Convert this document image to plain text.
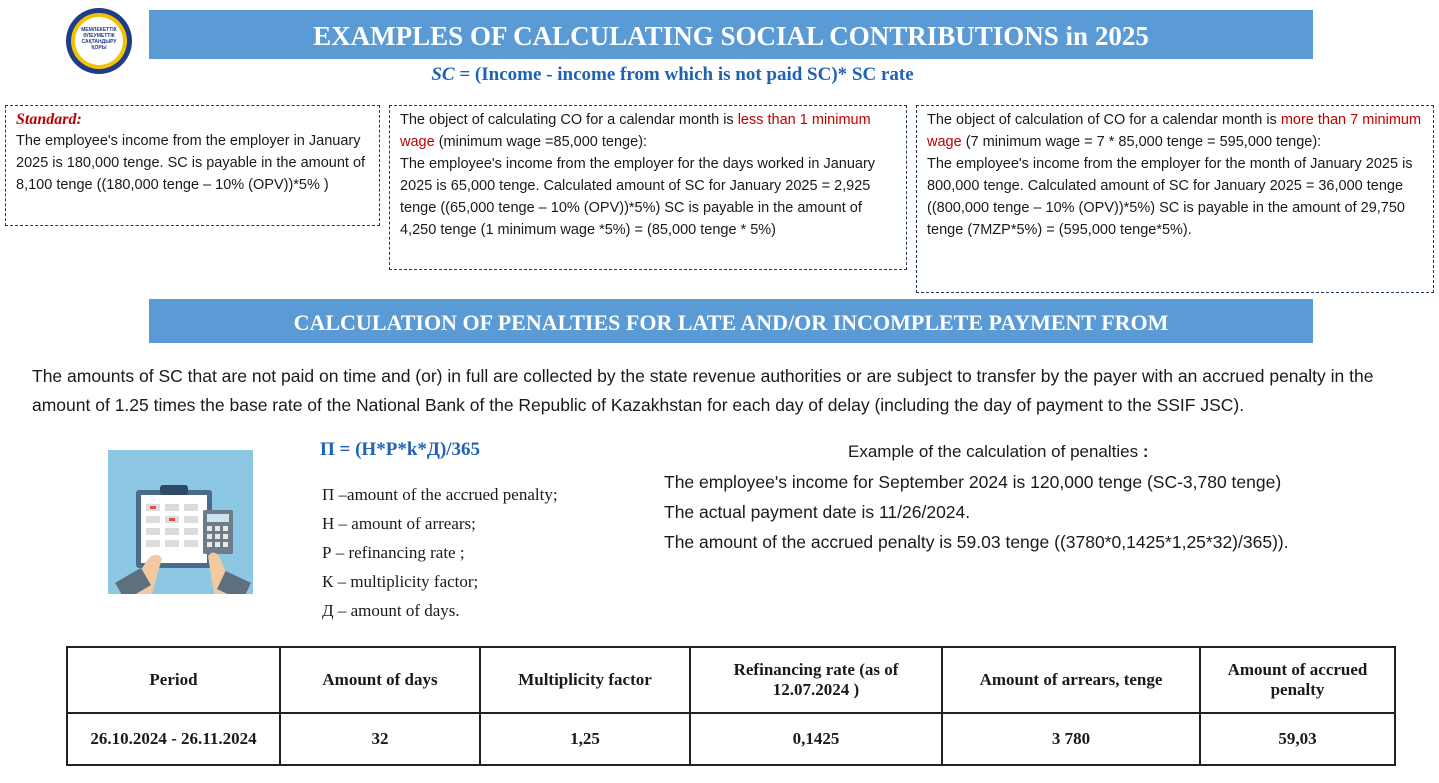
МЕМЛЕКЕТТІК
ӘЛЕУМЕТТІК
САҚТАНДЫРУ
ҚОРЫ	EXAMPLES OF CALCULATING SOCIAL CONTRIBUTIONS in 2025
SC = (Income - income from which is not paid SC)* SC rate
Standard:
The employee's income from the employer in January 2025 is 180,000 tenge. SC is payable in the amount of 8,100 tenge ((180,000 tenge – 10% (OPV))*5% )
The object of calculating CO for a calendar month is less than 1 minimum wage (minimum wage =85,000 tenge):
The employee's income from the employer for the days worked in January 2025 is 65,000 tenge. Calculated amount of SC for January 2025 = 2,925 tenge ((65,000 tenge – 10% (OPV))*5%) SC is payable in the amount of 4,250 tenge (1 minimum wage *5%) = (85,000 tenge * 5%)
The object of calculation of CO for a calendar month is more than 7 minimum wage (7 minimum wage = 7 * 85,000 tenge = 595,000 tenge):
The employee's income from the employer for the month of January 2025 is 800,000 tenge. Calculated amount of SC for January 2025 = 36,000 tenge ((800,000 tenge – 10% (OPV))*5%) SC is payable in the amount of 29,750 tenge (7MZP*5%) = (595,000 tenge*5%).
CALCULATION OF PENALTIES FOR LATE AND/OR INCOMPLETE PAYMENT FROM
The amounts of SC that are not paid on time and (or) in full are collected by the state revenue authorities or are subject to transfer by the payer with an accrued penalty in the amount of 1.25 times the base rate of the National Bank of the Republic of Kazakhstan for each day of delay (including the day of payment to the SSIF JSC).
П = (Н*Р*k*Д)/365
П –amount of the accrued penalty;
Н – amount of arrears;
Р – refinancing rate ;
К – multiplicity factor;
Д – amount of days.
Example of the calculation of penalties :
The employee's income for September 2024 is 120,000 tenge (SC-3,780 tenge)
The actual payment date is 11/26/2024.
The amount of the accrued penalty is 59.03 tenge ((3780*0,1425*1,25*32)/365)).
Period	Amount of days	Multiplicity factor	Refinancing rate (as of 12.07.2024 )	Amount of arrears, tenge	Amount of accrued penalty
26.10.2024 - 26.11.2024	32	1,25	0,1425	3 780	59,03
